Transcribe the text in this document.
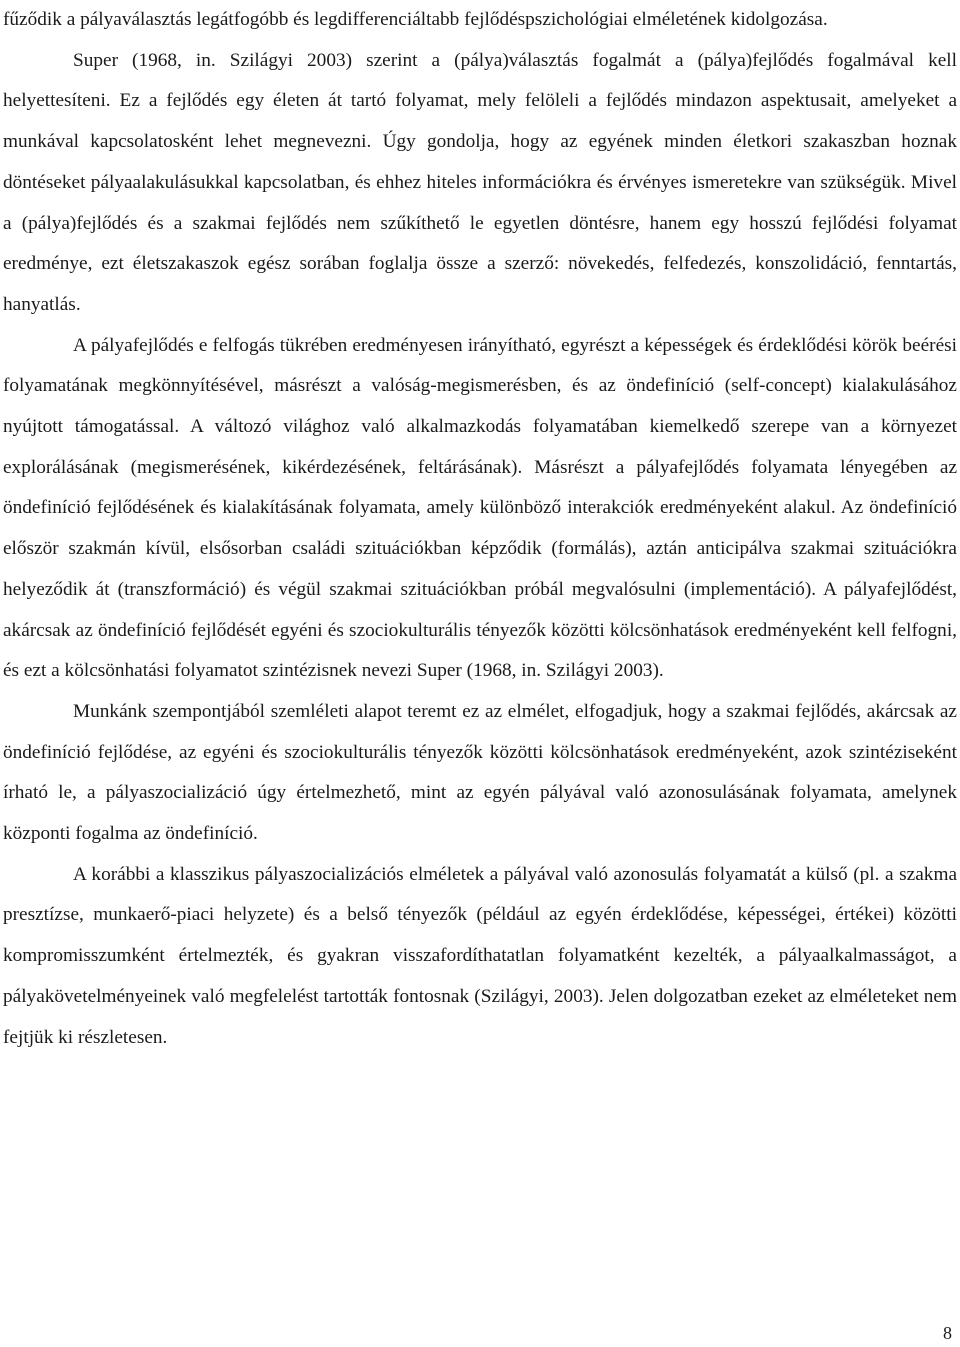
fűződik a pályaválasztás legátfogóbb és legdifferenciáltabb fejlődéspszichológiai elméletének kidolgozása.

Super (1968, in. Szilágyi 2003) szerint a (pálya)választás fogalmát a (pálya)fejlődés fogalmával kell helyettesíteni. Ez a fejlődés egy életen át tartó folyamat, mely felöleli a fejlődés mindazon aspektusait, amelyeket a munkával kapcsolatosként lehet megnevezni. Úgy gondolja, hogy az egyének minden életkori szakaszban hoznak döntéseket pályaalakulásukkal kapcsolatban, és ehhez hiteles információkra és érvényes ismeretekre van szükségük. Mivel a (pálya)fejlődés és a szakmai fejlődés nem szűkíthető le egyetlen döntésre, hanem egy hosszú fejlődési folyamat eredménye, ezt életszakaszok egész sorában foglalja össze a szerző: növekedés, felfedezés, konszolidáció, fenntartás, hanyatlás.

A pályafejlődés e felfogás tükrében eredményesen irányítható, egyrészt a képességek és érdeklődési körök beérési folyamatának megkönnyítésével, másrészt a valóság-megismerésben, és az öndefiníció (self-concept) kialakulásához nyújtott támogatással. A változó világhoz való alkalmazkodás folyamatában kiemelkedő szerepe van a környezet explorálásának (megismerésének, kikérdezésének, feltárásának). Másrészt a pályafejlődés folyamata lényegében az öndefiníció fejlődésének és kialakításának folyamata, amely különböző interakciók eredményeként alakul. Az öndefiníció először szakmán kívül, elsősorban családi szituációkban képződik (formálás), aztán anticipálva szakmai szituációkra helyeződik át (transzformáció) és végül szakmai szituációkban próbál megvalósulni (implementáció). A pályafejlődést, akárcsak az öndefiníció fejlődését egyéni és szociokulturális tényezők közötti kölcsönhatások eredményeként kell felfogni, és ezt a kölcsönhatási folyamatot szintézisnek nevezi Super (1968, in. Szilágyi 2003).

Munkánk szempontjából szemléleti alapot teremt ez az elmélet, elfogadjuk, hogy a szakmai fejlődés, akárcsak az öndefiníció fejlődése, az egyéni és szociokulturális tényezők közötti kölcsönhatások eredményeként, azok szintéziseként írható le, a pályaszocializáció úgy értelmezhető, mint az egyén pályával való azonosulásának folyamata, amelynek központi fogalma az öndefiníció.

A korábbi a klasszikus pályaszocializációs elméletek a pályával való azonosulás folyamatát a külső (pl. a szakma presztízse, munkaerő-piaci helyzete) és a belső tényezők (például az egyén érdeklődése, képességei, értékei) közötti kompromisszumként értelmezték, és gyakran visszafordíthatatlan folyamatként kezelték, a pályaalkalmasságot, a pályakövetelményeinek való megfelelést tartották fontosnak (Szilágyi, 2003). Jelen dolgozatban ezeket az elméleteket nem fejtjük ki részletesen.

8
